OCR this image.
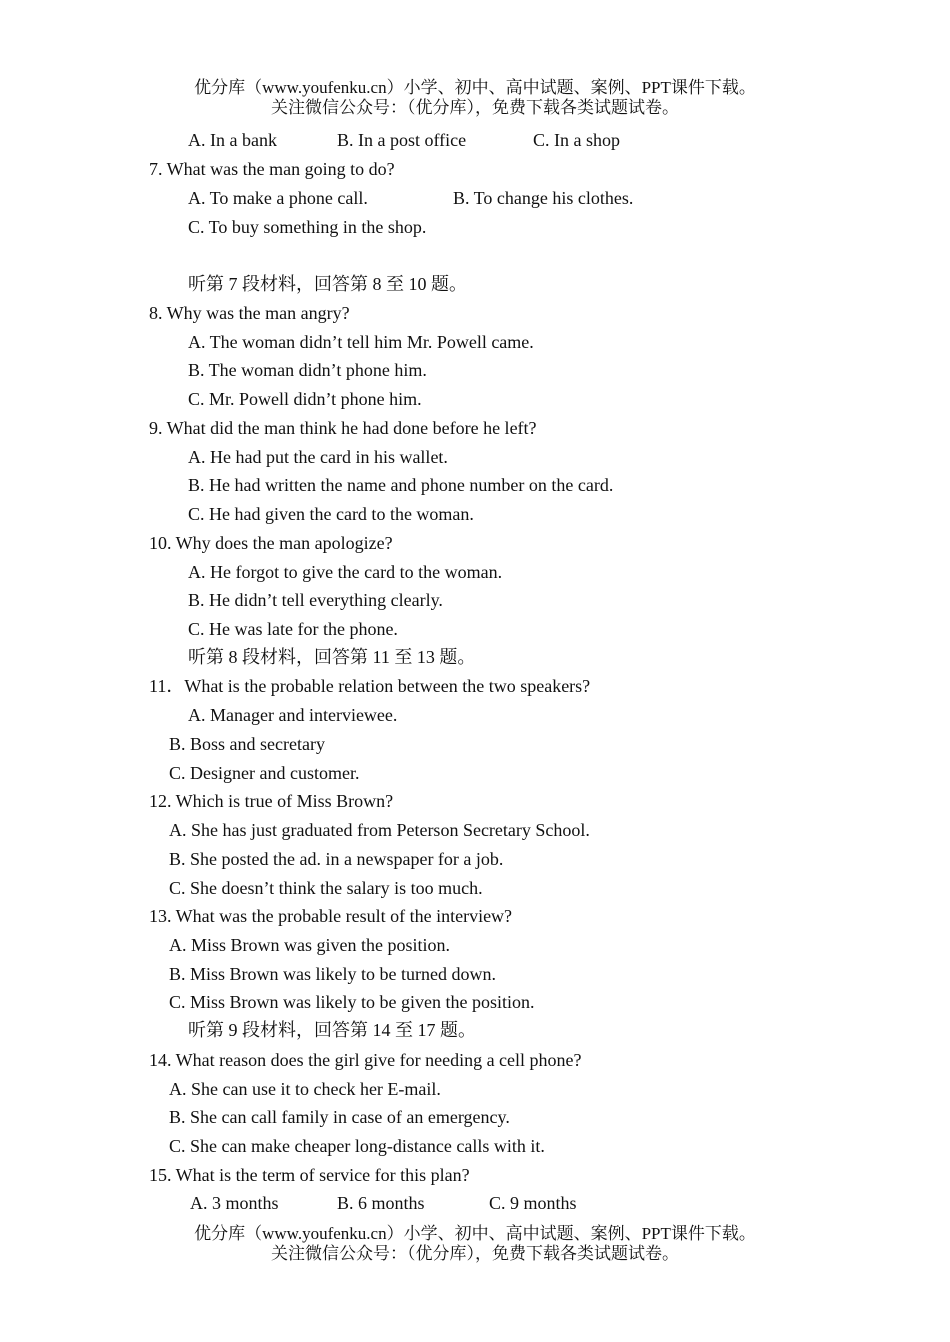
优分库（www.youfenku.cn）小学、初中、高中试题、案例、PPT课件下载。
关注微信公众号：（优分库），免费下载各类试题试卷。
A. In a bank	B. In a post office	C. In a shop
7. What was the man going to do?
A. To make a phone call.	B. To change his clothes.
C. To buy something in the shop.
听第 7 段材料，回答第 8 至 10 题。
8. Why was the man angry?
A. The woman didn’t tell him Mr. Powell came.
B. The woman didn’t phone him.
C. Mr. Powell didn’t phone him.
9. What did the man think he had done before he left?
A. He had put the card in his wallet.
B. He had written the name and phone number on the card.
C. He had given the card to the woman.
10. Why does the man apologize?
A. He forgot to give the card to the woman.
B. He didn’t tell everything clearly.
C. He was late for the phone.
听第 8 段材料，回答第 11 至 13 题。
11．What is the probable relation between the two speakers?
A. Manager and interviewee.
B. Boss and secretary
C. Designer and customer.
12. Which is true of Miss Brown?
A. She has just graduated from Peterson Secretary School.
B. She posted the ad. in a newspaper for a job.
C. She doesn’t think the salary is too much.
13. What was the probable result of the interview?
A. Miss Brown was given the position.
B. Miss Brown was likely to be turned down.
C. Miss Brown was likely to be given the position.
听第 9 段材料，回答第 14 至 17 题。
14. What reason does the girl give for needing a cell phone?
A. She can use it to check her E-mail.
B. She can call family in case of an emergency.
C. She can make cheaper long-distance calls with it.
15. What is the term of service for this plan?
A. 3 months	B. 6 months	C. 9 months
优分库（www.youfenku.cn）小学、初中、高中试题、案例、PPT课件下载。
关注微信公众号：（优分库），免费下载各类试题试卷。
